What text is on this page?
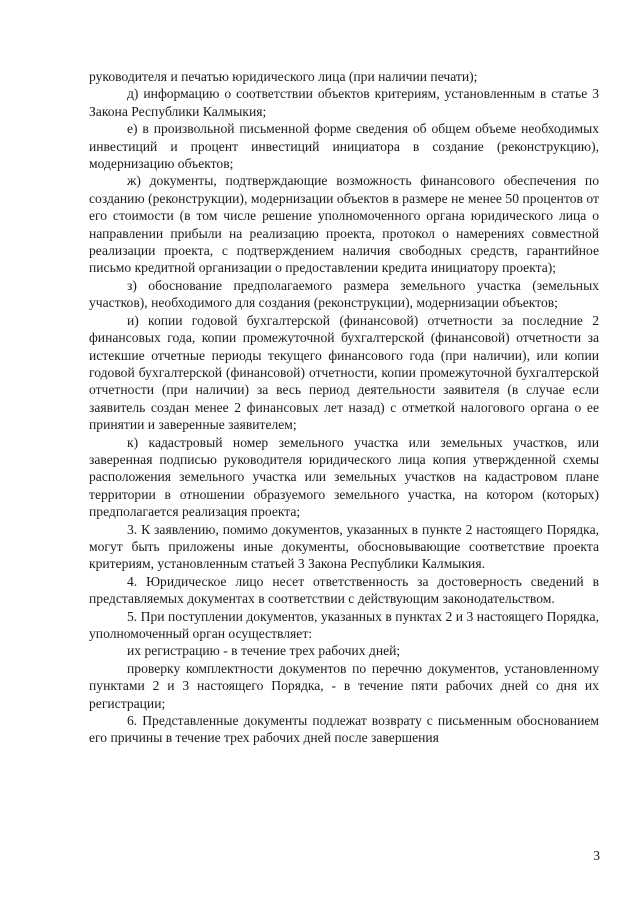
руководителя и печатью юридического лица (при наличии печати);

д) информацию о соответствии объектов критериям, установленным в статье 3 Закона Республики Калмыкия;

е) в произвольной письменной форме сведения об общем объеме необходимых инвестиций и процент инвестиций инициатора в создание (реконструкцию), модернизацию объектов;

ж) документы, подтверждающие возможность финансового обеспечения по созданию (реконструкции), модернизации объектов в размере не менее 50 процентов от его стоимости (в том числе решение уполномоченного органа юридического лица о направлении прибыли на реализацию проекта, протокол о намерениях совместной реализации проекта, с подтверждением наличия свободных средств, гарантийное письмо кредитной организации о предоставлении кредита инициатору проекта);

з) обоснование предполагаемого размера земельного участка (земельных участков), необходимого для создания (реконструкции), модернизации объектов;

и) копии годовой бухгалтерской (финансовой) отчетности за последние 2 финансовых года, копии промежуточной бухгалтерской (финансовой) отчетности за истекшие отчетные периоды текущего финансового года (при наличии), или копии годовой бухгалтерской (финансовой) отчетности, копии промежуточной бухгалтерской отчетности (при наличии) за весь период деятельности заявителя (в случае если заявитель создан менее 2 финансовых лет назад) с отметкой налогового органа о ее принятии и заверенные заявителем;

к) кадастровый номер земельного участка или земельных участков, или заверенная подписью руководителя юридического лица копия утвержденной схемы расположения земельного участка или земельных участков на кадастровом плане территории в отношении образуемого земельного участка, на котором (которых) предполагается реализация проекта;

3. К заявлению, помимо документов, указанных в пункте 2 настоящего Порядка, могут быть приложены иные документы, обосновывающие соответствие проекта критериям, установленным статьей 3 Закона Республики Калмыкия.

4. Юридическое лицо несет ответственность за достоверность сведений в представляемых документах в соответствии с действующим законодательством.

5. При поступлении документов, указанных в пунктах 2 и 3 настоящего Порядка, уполномоченный орган осуществляет:

их регистрацию - в течение трех рабочих дней;

проверку комплектности документов по перечню документов, установленному пунктами 2 и 3 настоящего Порядка, - в течение пяти рабочих дней со дня их регистрации;

6. Представленные документы подлежат возврату с письменным обоснованием его причины в течение трех рабочих дней после завершения

3
